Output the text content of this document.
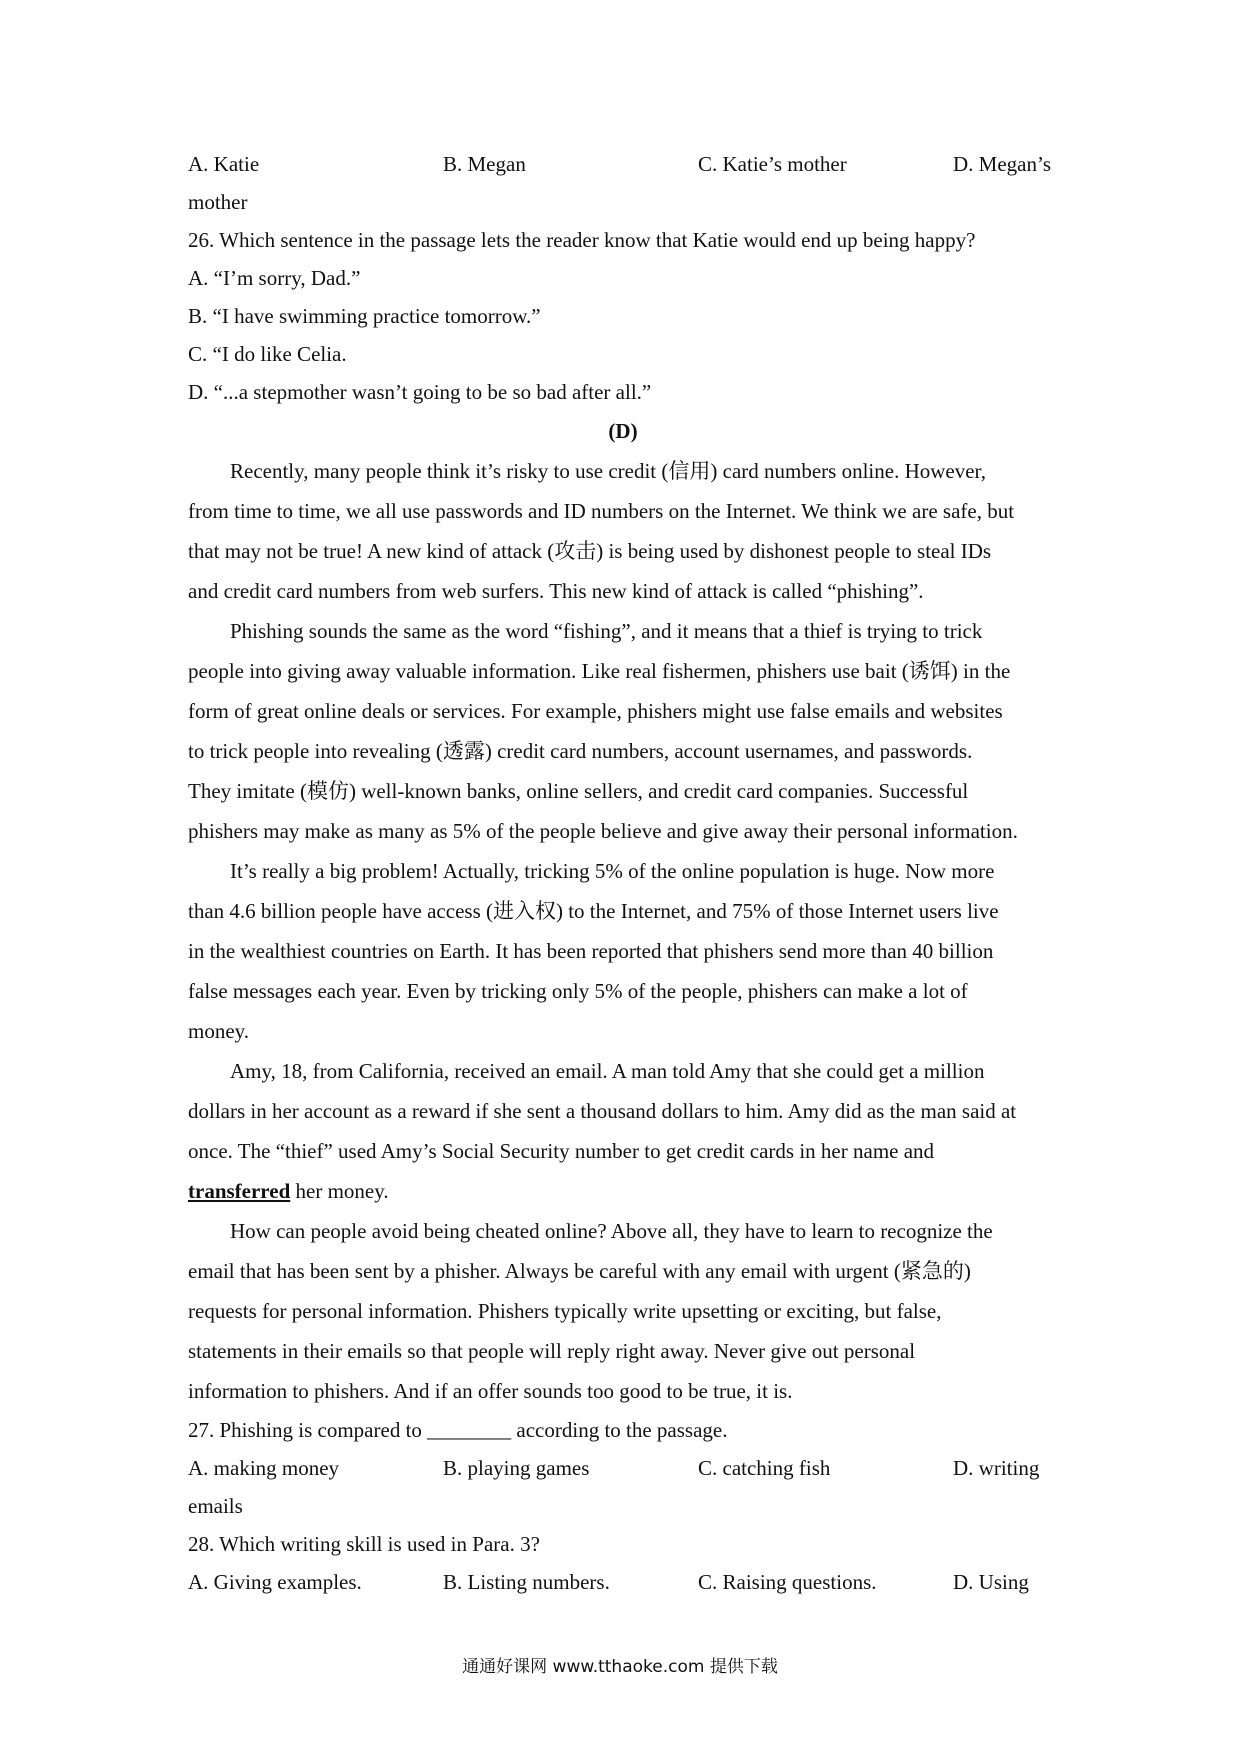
A. Katie	B. Megan	C. Katie’s mother	D. Megan’s
mother
26. Which sentence in the passage lets the reader know that Katie would end up being happy?
A. “I’m sorry, Dad.”
B. “I have swimming practice tomorrow.”
C. “I do like Celia.
D. “...a stepmother wasn’t going to be so bad after all.”
(D)
Recently, many people think it’s risky to use credit (信用) card numbers online. However,
from time to time, we all use passwords and ID numbers on the Internet. We think we are safe, but
that may not be true! A new kind of attack (攻击) is being used by dishonest people to steal IDs
and credit card numbers from web surfers. This new kind of attack is called “phishing”.
Phishing sounds the same as the word “fishing”, and it means that a thief is trying to trick
people into giving away valuable information. Like real fishermen, phishers use bait (诱饵) in the
form of great online deals or services. For example, phishers might use false emails and websites
to trick people into revealing (透露) credit card numbers, account usernames, and passwords.
They imitate (模仿) well-known banks, online sellers, and credit card companies. Successful
phishers may make as many as 5% of the people believe and give away their personal information.
It’s really a big problem! Actually, tricking 5% of the online population is huge. Now more
than 4.6 billion people have access (进入权) to the Internet, and 75% of those Internet users live
in the wealthiest countries on Earth. It has been reported that phishers send more than 40 billion
false messages each year. Even by tricking only 5% of the people, phishers can make a lot of
money.
Amy, 18, from California, received an email. A man told Amy that she could get a million
dollars in her account as a reward if she sent a thousand dollars to him. Amy did as the man said at
once. The “thief” used Amy’s Social Security number to get credit cards in her name and
transferred her money.
How can people avoid being cheated online? Above all, they have to learn to recognize the
email that has been sent by a phisher. Always be careful with any email with urgent (紧急的)
requests for personal information. Phishers typically write upsetting or exciting, but false,
statements in their emails so that people will reply right away. Never give out personal
information to phishers. And if an offer sounds too good to be true, it is.
27. Phishing is compared to ________ according to the passage.
A. making money	B. playing games	C. catching fish	D. writing
emails
28. Which writing skill is used in Para. 3?
A. Giving examples.	B. Listing numbers.	C. Raising questions.	D. Using
通通好课网 www.tthaoke.com 提供下载
